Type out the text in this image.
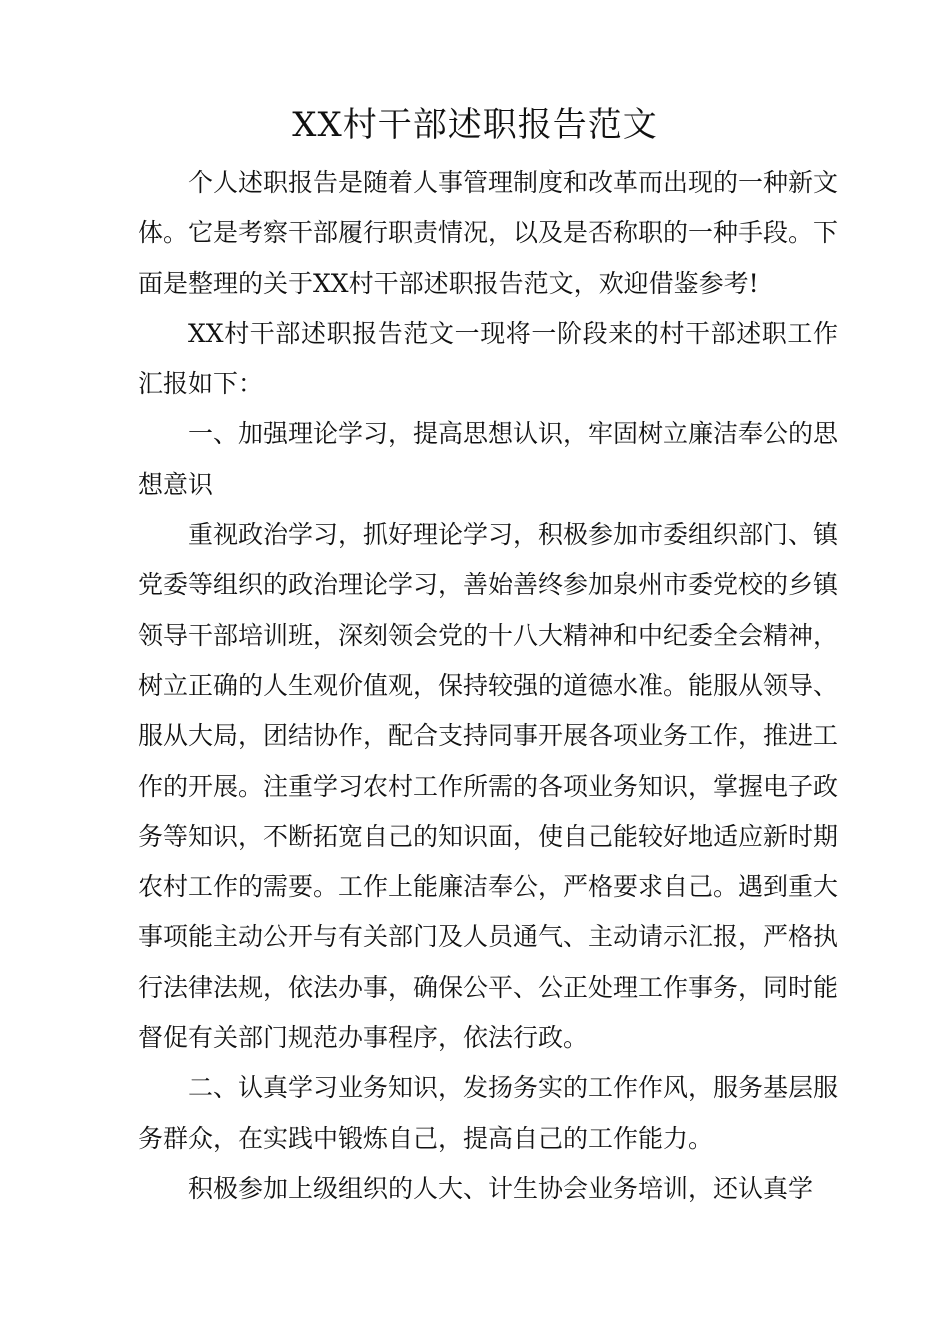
XX村干部述职报告范文

个人述职报告是随着人事管理制度和改革而出现的一种新文体。它是考察干部履行职责情况，以及是否称职的一种手段。下面是整理的关于XX村干部述职报告范文，欢迎借鉴参考!

XX村干部述职报告范文一现将一阶段来的村干部述职工作汇报如下：

一、加强理论学习，提高思想认识，牢固树立廉洁奉公的思想意识

重视政治学习，抓好理论学习，积极参加市委组织部门、镇党委等组织的政治理论学习，善始善终参加泉州市委党校的乡镇领导干部培训班，深刻领会党的十八大精神和中纪委全会精神，树立正确的人生观价值观，保持较强的道德水准。能服从领导、服从大局，团结协作，配合支持同事开展各项业务工作，推进工作的开展。注重学习农村工作所需的各项业务知识，掌握电子政务等知识，不断拓宽自己的知识面，使自己能较好地适应新时期农村工作的需要。工作上能廉洁奉公，严格要求自己。遇到重大事项能主动公开与有关部门及人员通气、主动请示汇报，严格执行法律法规，依法办事，确保公平、公正处理工作事务，同时能督促有关部门规范办事程序，依法行政。

二、认真学习业务知识，发扬务实的工作作风，服务基层服务群众，在实践中锻炼自己，提高自己的工作能力。

积极参加上级组织的人大、计生协会业务培训，还认真学
